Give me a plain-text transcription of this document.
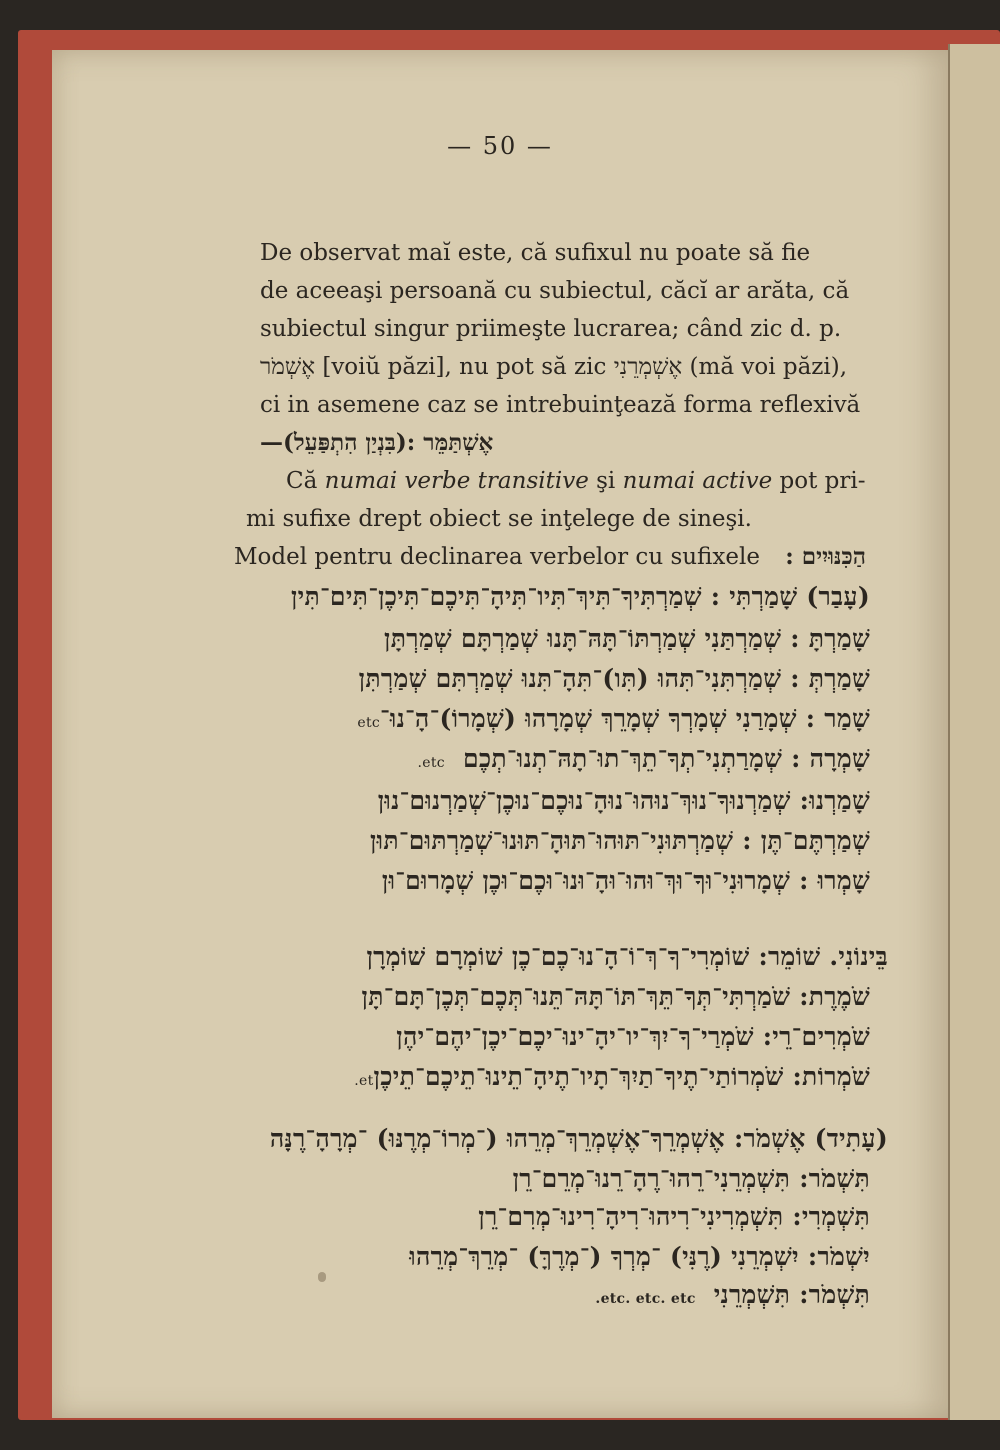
— 50 —
De observat maĭ este, că sufixul nu poate să fie
de aceeaşi persoană cu subiectul, căcĭ ar arăta, că
subiectul singur priimeşte lucrarea; când zic d. p.
אֶשְׁמֹר [voiŭ păzi], nu pot să zic אֶשְׁמְרֵנִי (mă voi păzi),
ci in asemene caz se intrebuinţează forma reflexivă
—אֶשְׁתַּמֵּר :(בִּנְיַן הִתְפַּעֵל)
Că numai verbe transitive şi numai active pot pri-
mi sufixe drept obiect se inţelege de sineşi.
Model pentru declinarea verbelor cu sufixele הַכִּנּוּיִים :
(עָבַר) שָׁמַרְתִּי : שְׁמַרְתִּיךָ־תִּיךְ־תִּיו־תִּיהָ־תִּיכֶם־תִּיכֶן־תִּים־תִּין
שָׁמַרְתָּ : שְׁמַרְתַּנִי שְׁמַרְתּוֹ־תָּהּ־תָּנוּ שְׁמַרְתָּם שְׁמַרְתָּן
שָׁמַרְתְּ : שְׁמַרְתִּנִי־תִּהוּ (תִּו)־תִּהָ־תִּנוּ שְׁמַרְתִּם שְׁמַרְתִּן
שָׁמַר : שְׁמָרַנִי שְׁמָרְךָ שְׁמָרֵךְ שְׁמָרָהוּ (שְׁמָרוֹ)־הָ־נוּ־etc
שָׁמְרָה : שְׁמָרַתְנִי־תְךָ־תֵךְ־תוּ־תָהּ־תְנוּ־תְכֶם  etc.
שָׁמַרְנוּ: שְׁמַרְנוּךָ־נוּךְ־נוּהוּ־נוּהָ־נוּכֶם־נוּכֶן־שְׁמַרְנוּם־נוּן
שְׁמַרְתֶּם־תֶּן : שְׁמַרְתּוּנִי־תּוּהוּ־תּוּהָ־תּוּנוּ־שְׁמַרְתּוּם־תּוּן
שָׁמְרוּ : שְׁמָרוּנִי־וּךָ־וּךְ־וּהוּ־וּהָ־וּנוּ־וּכֶם־וּכֶן שְׁמָרוּם־וּן
בֵּינוֹנִי. שׁוֹמֵר: שׁוֹמְרִי־ךָ־ךְ־וֹ־הָ־נוּ־כֶם־כֶן שׁוֹמְרָם שׁוֹמְרָן
שֹׁמֶרֶת: שֹׁמַרְתִּי־תְּךָ־תֵּךְ־תּוֹ־תָּהּ־תֵּנוּ־תְּכֶם־תְּכֶן־תָּם־תָּן
שֹׁמְרִים־רֵי: שֹׁמְרַי־ךָ־יִךְ־יו־יהָ־ינוּ־יכֶם־יכֶן־יהֶם־יהֶן
שֹׁמְרוֹת: שֹׁמְרוֹתַי־תֶיךָ־תַיִךְ־תָיו־תֶיהָ־תֵינוּ־תֵיכֶם־תֵיכֶןet.
(עָתִיד) אֶשְׁמֹר: אֶשְׁמְרֵךָ־אֶשְׁמְרֵךְ־מְרֵהוּ (־מְרוֹ־מְרֶנּוּ) ־מְרָהָ־רֶנָּה
תִּשְׁמֹר: תִּשְׁמְרֵנִי־רֵהוּ־רֶהָ־רֵנוּ־מְרֵם־רֵן
תִּשְׁמְרִי: תִּשְׁמְרִינִי־רִיהוּ־רִיהָ־רִינוּ־מְרִם־רֵן
יִשְׁמֹר: יִשְׁמְרֵנִי (רֶנִּי) ־מְרְךָ (־מְרֶךָּ) ־מְרֵךְ־מְרֵהוּ
תִּשְׁמֹר: תִּשְׁמְרֵנִי  etc. etc. etc.
